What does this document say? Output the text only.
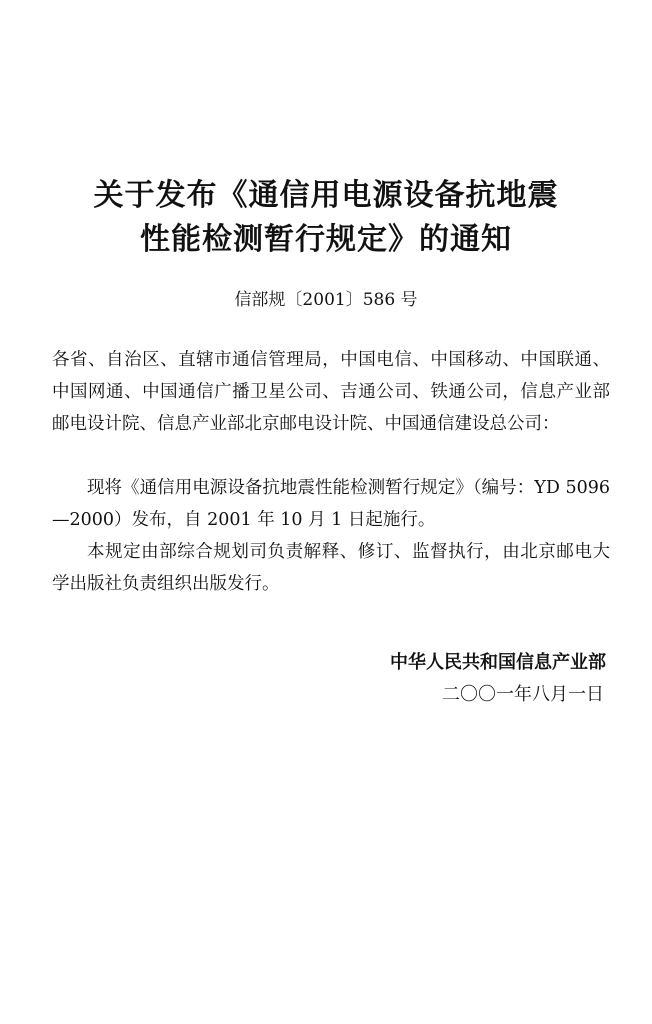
关于发布《通信用电源设备抗地震
性能检测暂行规定》的通知
信部规〔2001〕586 号

各省、自治区、直辖市通信管理局，中国电信、中国移动、中国联通、中国网通、中国通信广播卫星公司、吉通公司、铁通公司，信息产业部邮电设计院、信息产业部北京邮电设计院、中国通信建设总公司：

现将《通信用电源设备抗地震性能检测暂行规定》（编号：YD 5096—2000）发布，自 2001 年 10 月 1 日起施行。

本规定由部综合规划司负责解释、修订、监督执行，由北京邮电大学出版社负责组织出版发行。

中华人民共和国信息产业部
二〇〇一年八月一日
